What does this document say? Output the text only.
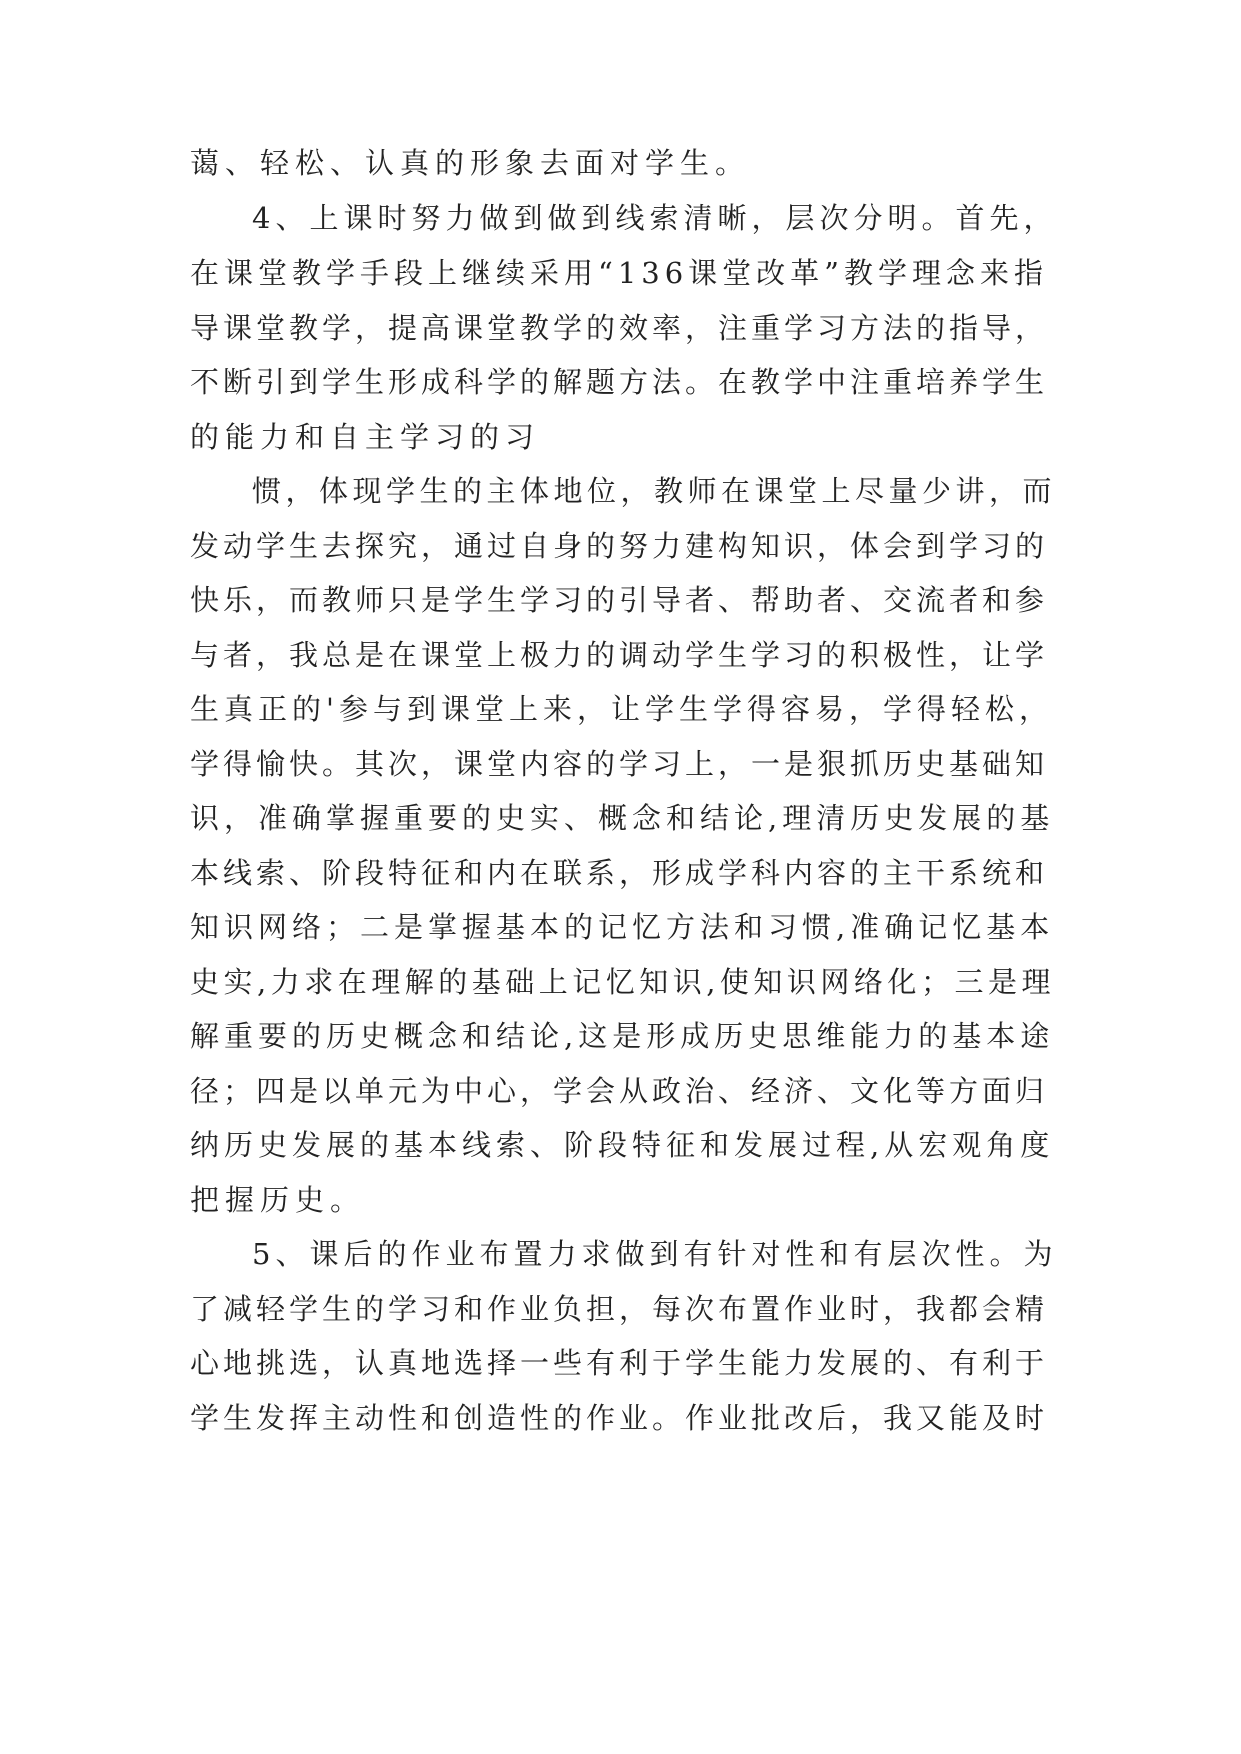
蔼、轻松、认真的形象去面对学生。
4、上课时努力做到做到线索清晰，层次分明。首先，
在课堂教学手段上继续采用“136课堂改革”教学理念来指
导课堂教学，提高课堂教学的效率，注重学习方法的指导，
不断引到学生形成科学的解题方法。在教学中注重培养学生
的能力和自主学习的习
惯，体现学生的主体地位，教师在课堂上尽量少讲，而
发动学生去探究，通过自身的努力建构知识，体会到学习的
快乐，而教师只是学生学习的引导者、帮助者、交流者和参
与者，我总是在课堂上极力的调动学生学习的积极性，让学
生真正的'参与到课堂上来，让学生学得容易，学得轻松，
学得愉快。其次，课堂内容的学习上，一是狠抓历史基础知
识，准确掌握重要的史实、概念和结论,理清历史发展的基
本线索、阶段特征和内在联系，形成学科内容的主干系统和
知识网络；二是掌握基本的记忆方法和习惯,准确记忆基本
史实,力求在理解的基础上记忆知识,使知识网络化；三是理
解重要的历史概念和结论,这是形成历史思维能力的基本途
径；四是以单元为中心，学会从政治、经济、文化等方面归
纳历史发展的基本线索、阶段特征和发展过程,从宏观角度
把握历史。
5、课后的作业布置力求做到有针对性和有层次性。为
了减轻学生的学习和作业负担，每次布置作业时，我都会精
心地挑选，认真地选择一些有利于学生能力发展的、有利于
学生发挥主动性和创造性的作业。作业批改后，我又能及时
